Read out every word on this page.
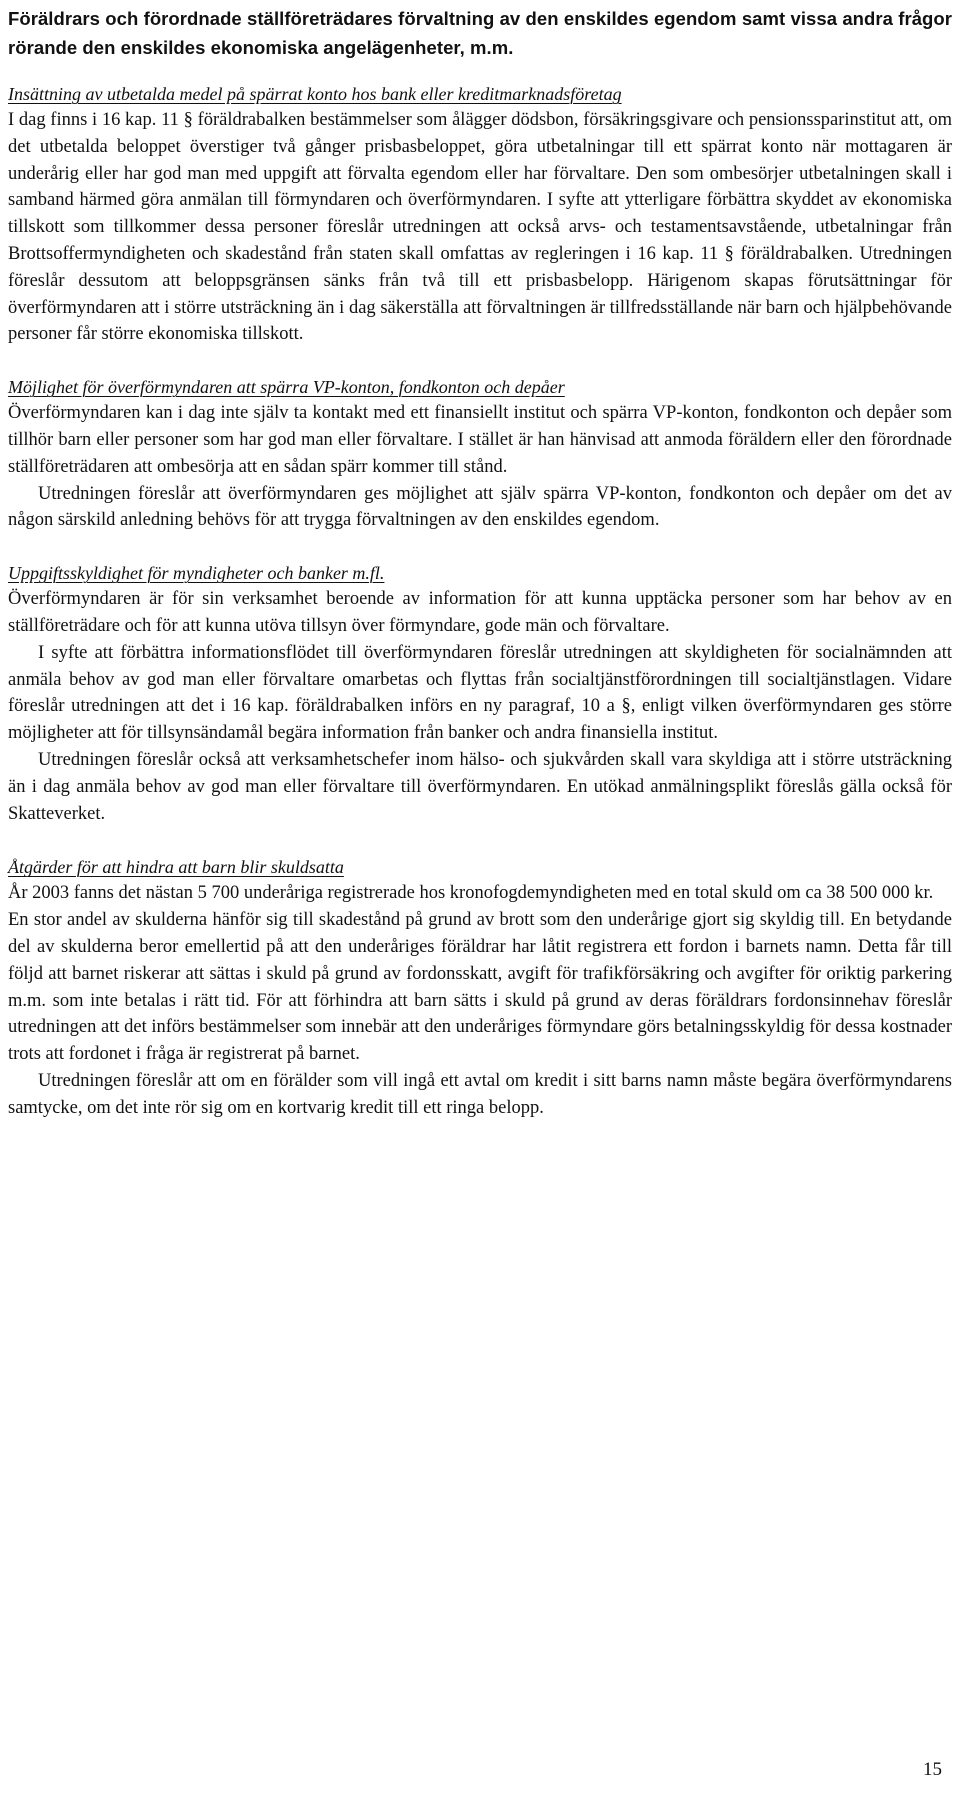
Föräldrars och förordnade ställföreträdares förvaltning av den enskildes egendom samt vissa andra frågor rörande den enskildes ekonomiska angelägenheter, m.m.
Insättning av utbetalda medel på spärrat konto hos bank eller kreditmarknadsföretag

I dag finns i 16 kap. 11 § föräldrabalken bestämmelser som ålägger dödsbon, försäkringsgivare och pensionssparinstitut att, om det utbetalda beloppet överstiger två gånger prisbasbeloppet, göra utbetalningar till ett spärrat konto när mottagaren är underårig eller har god man med uppgift att förvalta egendom eller har förvaltare. Den som ombesörjer utbetalningen skall i samband härmed göra anmälan till förmyndaren och överförmyndaren. I syfte att ytterligare förbättra skyddet av ekonomiska tillskott som tillkommer dessa personer föreslår utredningen att också arvs- och testamentsavstående, utbetalningar från Brottsoffermyndigheten och skadestånd från staten skall omfattas av regleringen i 16 kap. 11 § föräldrabalken. Utredningen föreslår dessutom att beloppsgränsen sänks från två till ett prisbasbelopp. Härigenom skapas förutsättningar för överförmyndaren att i större utsträckning än i dag säkerställa att förvaltningen är tillfredsställande när barn och hjälpbehövande personer får större ekonomiska tillskott.

Möjlighet för överförmyndaren att spärra VP-konton, fondkonton och depåer

Överförmyndaren kan i dag inte själv ta kontakt med ett finansiellt institut och spärra VP-konton, fondkonton och depåer som tillhör barn eller personer som har god man eller förvaltare. I stället är han hänvisad att anmoda föräldern eller den förordnade ställföreträdaren att ombesörja att en sådan spärr kommer till stånd.

Utredningen föreslår att överförmyndaren ges möjlighet att själv spärra VP-konton, fondkonton och depåer om det av någon särskild anledning behövs för att trygga förvaltningen av den enskildes egendom.

Uppgiftsskyldighet för myndigheter och banker m.fl.

Överförmyndaren är för sin verksamhet beroende av information för att kunna upptäcka personer som har behov av en ställföreträdare och för att kunna utöva tillsyn över förmyndare, gode män och förvaltare.

I syfte att förbättra informationsflödet till överförmyndaren föreslår utredningen att skyldigheten för socialnämnden att anmäla behov av god man eller förvaltare omarbetas och flyttas från socialtjänstförordningen till socialtjänstlagen. Vidare föreslår utredningen att det i 16 kap. föräldrabalken införs en ny paragraf, 10 a §, enligt vilken överförmyndaren ges större möjligheter att för tillsynsändamål begära information från banker och andra finansiella institut.

Utredningen föreslår också att verksamhetschefer inom hälso- och sjukvården skall vara skyldiga att i större utsträckning än i dag anmäla behov av god man eller förvaltare till överförmyndaren. En utökad anmälningsplikt föreslås gälla också för Skatteverket.

Åtgärder för att hindra att barn blir skuldsatta

År 2003 fanns det nästan 5 700 underåriga registrerade hos kronofogdemyndigheten med en total skuld om ca 38 500 000 kr.

En stor andel av skulderna hänför sig till skadestånd på grund av brott som den underårige gjort sig skyldig till. En betydande del av skulderna beror emellertid på att den underåriges föräldrar har låtit registrera ett fordon i barnets namn. Detta får till följd att barnet riskerar att sättas i skuld på grund av fordonsskatt, avgift för trafikförsäkring och avgifter för oriktig parkering m.m. som inte betalas i rätt tid. För att förhindra att barn sätts i skuld på grund av deras föräldrars fordonsinnehav föreslår utredningen att det införs bestämmelser som innebär att den underåriges förmyndare görs betalningsskyldig för dessa kostnader trots att fordonet i fråga är registrerat på barnet.

Utredningen föreslår att om en förälder som vill ingå ett avtal om kredit i sitt barns namn måste begära överförmyndarens samtycke, om det inte rör sig om en kortvarig kredit till ett ringa belopp.

15
